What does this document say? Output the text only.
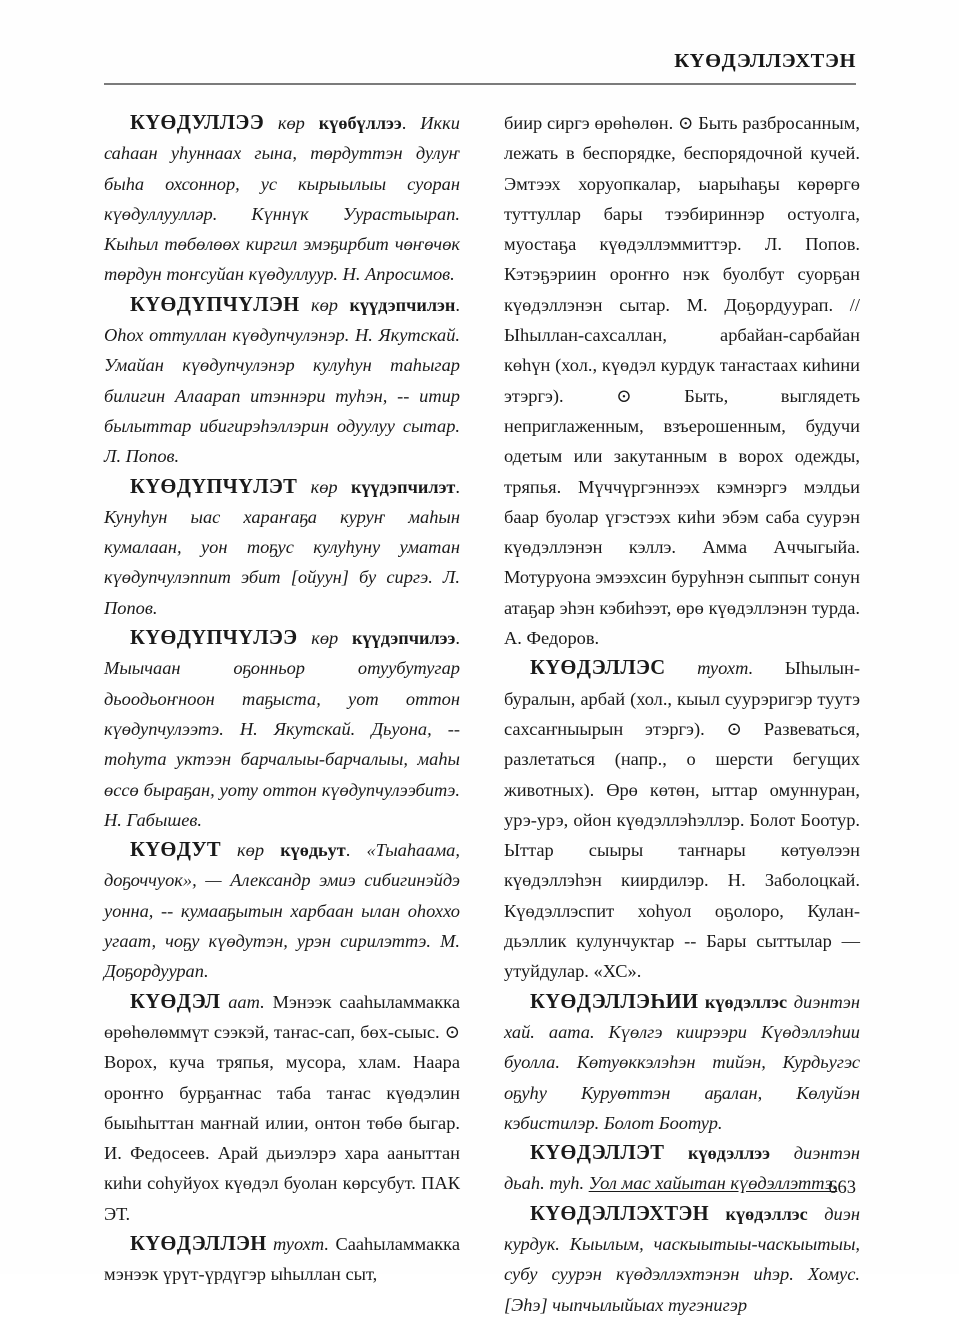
КҮӨДЭЛЛЭХТЭН

КҮӨДУЛЛЭЭ көр күөбүллээ. Икки саһаан уһуннаах гына, төрдуттэн дулуҥ быһа охсоннор, ус кырыылыы суоран күөдуллуулләр. Күннүк Уурастыырап. Кыһыл төбөлөөх киргил эмэҕирбит чөҥөчөк төрдун тоҥсуйан күөдуллуур. Н. Апросимов.

КҮӨДҮПЧҮЛЭН көр күүдэпчилэн. Оһох оттуллан күөдупчулэнэр. Н. Якутскай. Умайан күөдупчулэнэр кулуһун таһыгар билигин Алаарап итэннэри туһэн, -- итир былыттар ибигирэһэллэрин одуулуу сытар. Л. Попов.

КҮӨДҮПЧҮЛЭТ көр күүдэпчилэт. Кунуһун ыас хараҥаҕа куруҥ маһын кумалаан, уон тоҕус кулуһуну уматан күөдупчулэппит эбит [ойуун] бу сиргэ. Л. Попов.

КҮӨДҮПЧҮЛЭЭ көр күүдэпчилээ. Мыычаан оҕонньор отуубутугар дьоодьоҥноон таҕыста, уот оттон күөдупчулээтэ. Н. Якутскай. Дьуона, -- тоһута уктээн барчалыы-барчалыы, маһы өссө быраҕан, уоту оттон күөдупчулээбитэ. Н. Габышев.

КҮӨДУТ көр күөдьут. «Тыаһаама, доҕоччуок», — Александр эмиэ сибигинэйдэ уонна, -- кумааҕытын харбаан ылан оһоххо угаат, чоҕу күөдутэн, урэн сирилэттэ. М. Доҕордуурап.

КҮӨДЭЛ аат. Мэнээк сааһыламмакка өрөһөлөммүт сээкэй, таҥас-сап, бөх-сыыс. ⊙ Ворох, куча тряпья, мусора, хлам. Наара ороҥҥо бурҕаҥнас таба таҥас күөдэлин быыһыттан маҥнай илии, онтон төбө быгар. И. Федосеев. Арай дьиэлэрэ хара ааныттан киһи соһуйуох күөдэл буолан көрсубут. ПАК ЭТ.

КҮӨДЭЛЛЭН туохт. Сааһыламмакка мэнээк үрүт-үрдүгэр ыһыллан сыт,

биир сиргэ өрөһөлөн. ⊙ Быть разбросанным, лежать в беспорядке, беспорядочной кучей. Эмтээх хоруопкалар, ыарыһаҕы көрөргө туттуллар бары тээбириннэр остуолга, муостаҕа күөдэллэммиттэр. Л. Попов. Кэтэҕэриин ороҥҥо нэк буолбут суорҕан күөдэллэнэн сытар. М. Доҕордуурап. // Ыһыллан-сахсаллан, арбайан-сарбайан көһүн (хол., күөдэл курдук таҥастаах киһини этэргэ). ⊙ Быть, выглядеть неприглаженным, взъерошенным, будучи одетым или закутанным в ворох одежды, тряпья. Мүччүргэннээх кэмнэргэ мэлдьи баар буолар үгэстээх киһи эбэм саба суурэн күөдэллэнэн кэллэ. Амма Аччыгыйа. Мотуруона эмээхсин буруһнэн сыппыт сонун атаҕар эһэн кэбиһээт, өрө күөдэллэнэн турда. А. Федоров.

КҮӨДЭЛЛЭС туохт. Ыһылын-буралын, арбай (хол., кыыл суурэригэр туутэ сахсаҥныырын этэргэ). ⊙ Развеваться, разлетаться (напр., о шерсти бегущих животных). Өрө көтөн, ыттар омуннуран, урэ-урэ, ойон күөдэллэһэллэр. Болот Боотур. Ыттар сыыры таҥнары көтуөлээн күөдэллэһэн киирдилэр. Н. Заболоцкай. Күөдэллэспит хоһуол оҕолоро, Кулан-дьэллик кулунчуктар -- Бары сыттылар — утуйдулар. «ХС».

КҮӨДЭЛЛЭҺИИ күөдэллэс диэнтэн хай. аата. Күөлгэ киирээри Күөдэллэһии буолла. Көтуөккэлэһэн тийэн, Курдьугэс оҕуһу Куруөттэн аҕалан, Көлуйэн кэбистилэр. Болот Боотур.

КҮӨДЭЛЛЭТ күөдэллээ диэнтэн дьаһ. туһ. Уол мас хайытан күөдэллэттэ.

КҮӨДЭЛЛЭХТЭН күөдэллэс диэн курдук. Кыылым, часкыытыы-часкыытыы, субу суурэн күөдэллэхтэнэн иһэр. Хомус. [Эһэ] чыпчылыйыах тугэнигэр

663
